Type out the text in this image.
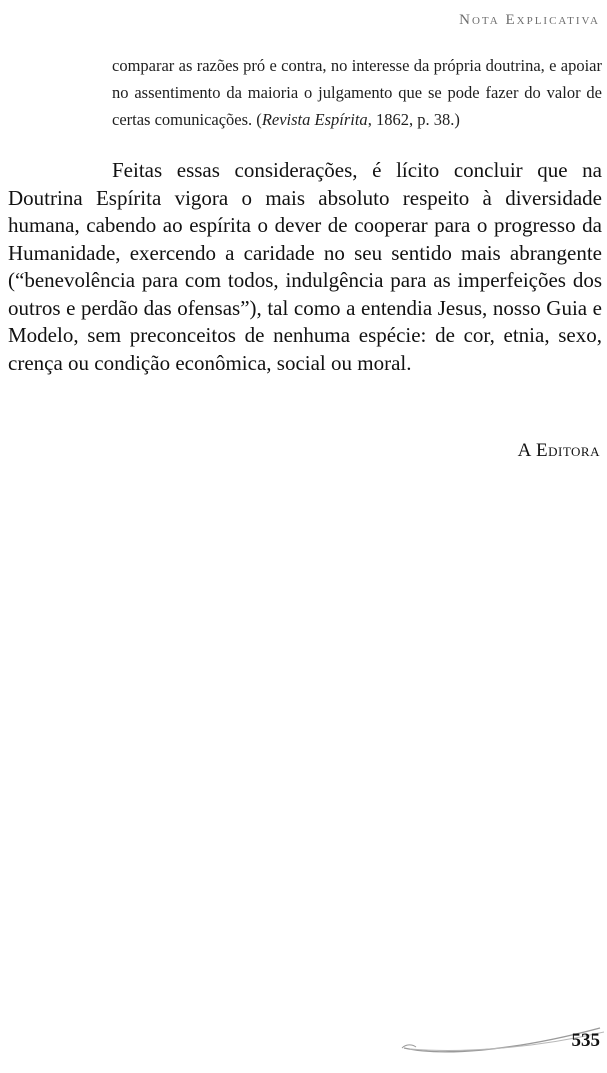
Nota Explicativa

comparar as razões pró e contra, no interesse da própria doutrina, e apoiar no assentimento da maioria o julgamento que se pode fazer do valor de certas comunicações. (Revista Espírita, 1862, p. 38.)

Feitas essas considerações, é lícito concluir que na Doutrina Espírita vigora o mais absoluto respeito à diversidade humana, cabendo ao espírita o dever de cooperar para o progresso da Humanidade, exercendo a caridade no seu sentido mais abrangente (“benevolência para com todos, indulgência para as imperfeições dos outros e perdão das ofensas”), tal como a entendia Jesus, nosso Guia e Modelo, sem preconceitos de nenhuma espécie: de cor, etnia, sexo, crença ou condição econômica, social ou moral.

A Editora
535
